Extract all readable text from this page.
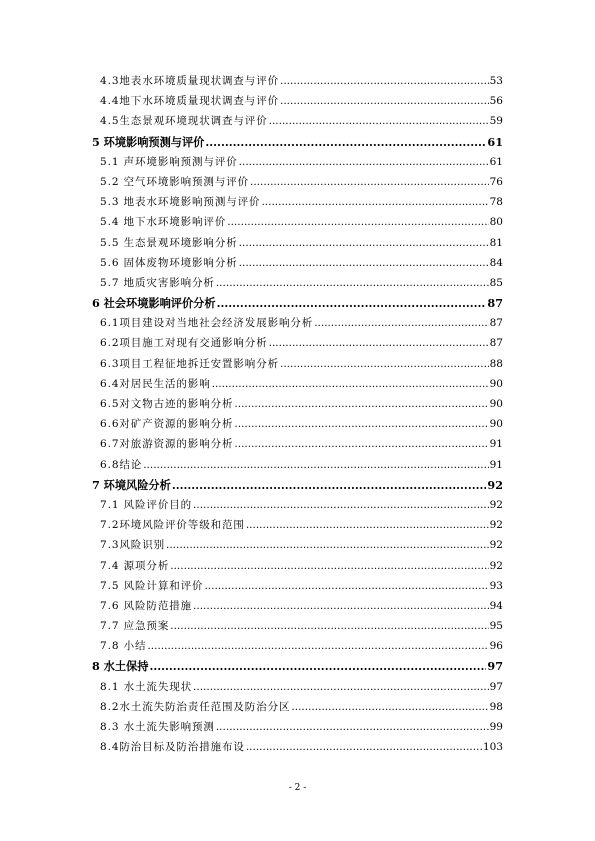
4.3地表水环境质量现状调查与评价 .....	53
4.4地下水环境质量现状调查与评价 .....	56
4.5生态景观环境现状调查与评价 .....	59
5 环境影响预测与评价 .....	61
5.1 声环境影响预测与评价 .....	61
5.2 空气环境影响预测与评价 .....	76
5.3 地表水环境影响预测与评价 .....	78
5.4 地下水环境影响评价 .....	80
5.5 生态景观环境影响分析 .....	81
5.6 固体废物环境影响分析 .....	84
5.7 地质灾害影响分析 .....	85
6 社会环境影响评价分析 .....	87
6.1项目建设对当地社会经济发展影响分析 .....	87
6.2项目施工对现有交通影响分析 .....	87
6.3项目工程征地拆迁安置影响分析 .....	88
6.4对居民生活的影响 .....	90
6.5对文物古迹的影响分析 .....	90
6.6对矿产资源的影响分析 .....	90
6.7对旅游资源的影响分析 .....	91
6.8结论 .....	91
7 环境风险分析 .....	92
7.1 风险评价目的 .....	92
7.2环境风险评价等级和范围 .....	92
7.3风险识别 .....	92
7.4 源项分析 .....	92
7.5 风险计算和评价 .....	93
7.6 风险防范措施 .....	94
7.7 应急预案 .....	95
7.8 小结 .....	96
8 水土保持 .....	97
8.1 水土流失现状 .....	97
8.2水土流失防治责任范围及防治分区 .....	98
8.3 水土流失影响预测 .....	99
8.4防治目标及防治措施布设 .....	103
- 2 -
